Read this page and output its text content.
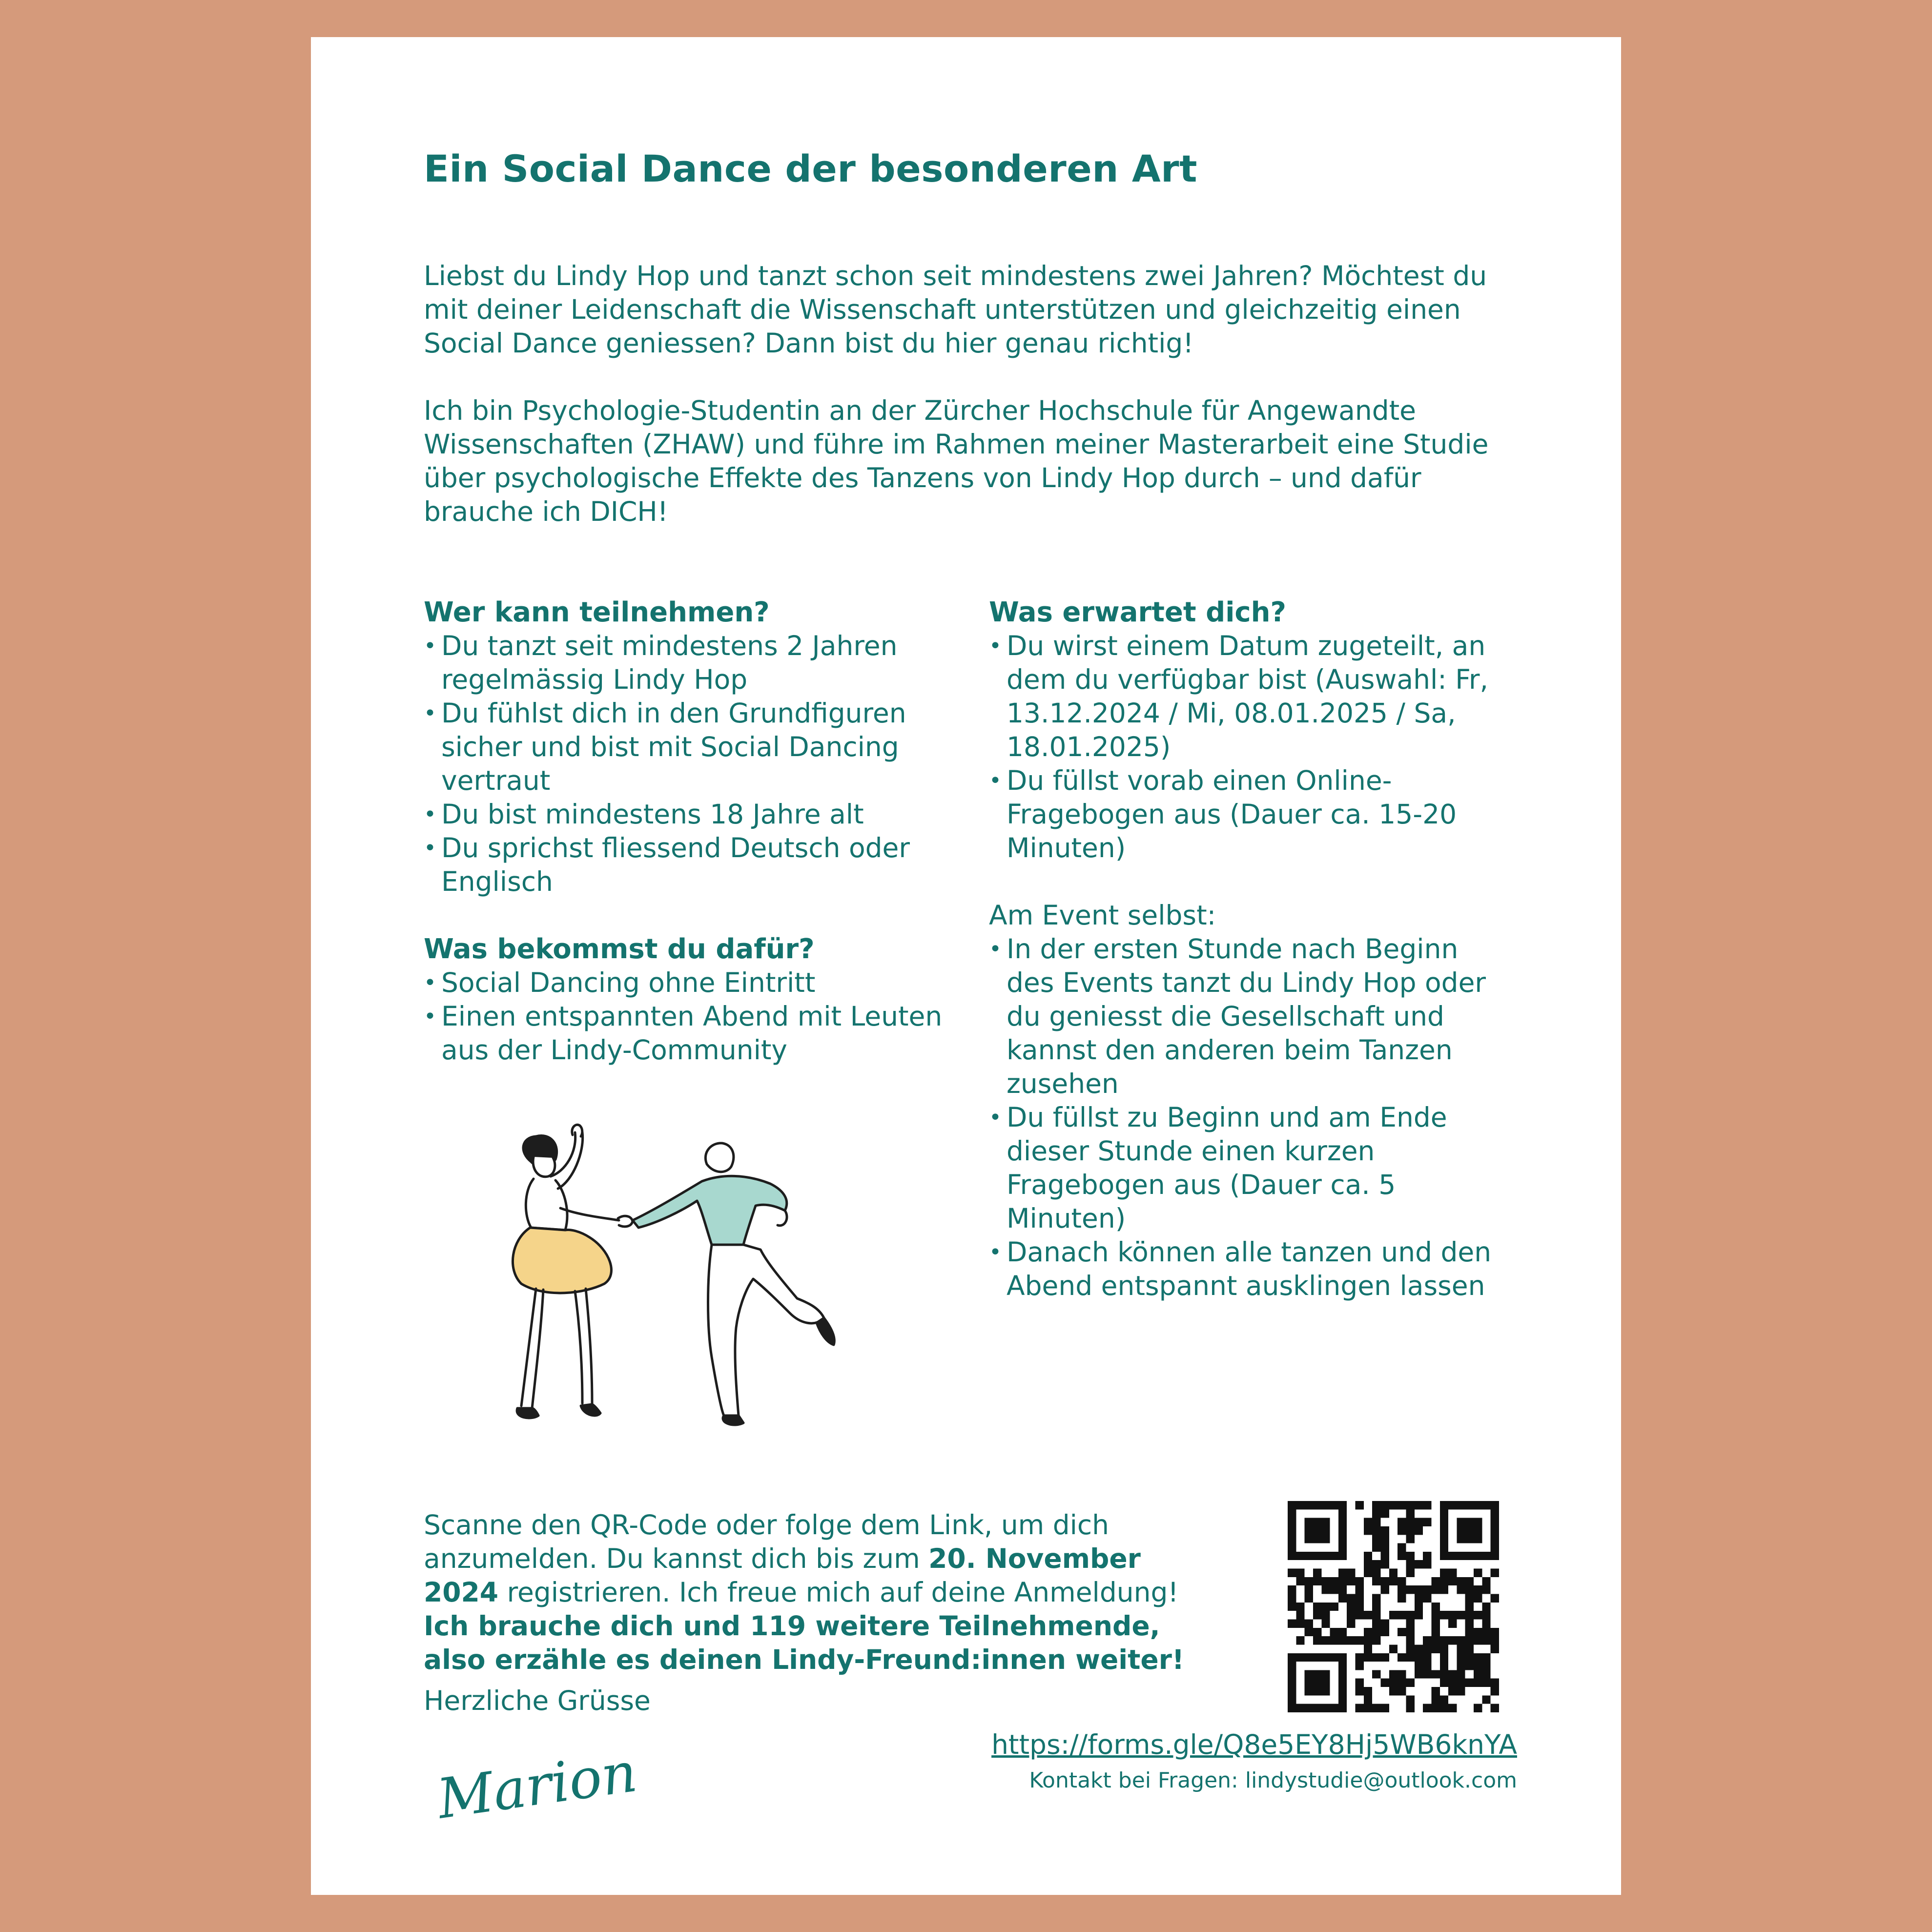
Ein Social Dance der besonderen Art

Liebst du Lindy Hop und tanzt schon seit mindestens zwei Jahren? Möchtest du mit deiner Leidenschaft die Wissenschaft unterstützen und gleichzeitig einen Social Dance geniessen? Dann bist du hier genau richtig!

Ich bin Psychologie-Studentin an der Zürcher Hochschule für Angewandte Wissenschaften (ZHAW) und führe im Rahmen meiner Masterarbeit eine Studie über psychologische Effekte des Tanzens von Lindy Hop durch – und dafür brauche ich DICH!

Wer kann teilnehmen?
• Du tanzt seit mindestens 2 Jahren regelmässig Lindy Hop
• Du fühlst dich in den Grundfiguren sicher und bist mit Social Dancing vertraut
• Du bist mindestens 18 Jahre alt
• Du sprichst fliessend Deutsch oder Englisch
Was bekommst du dafür?
• Social Dancing ohne Eintritt
• Einen entspannten Abend mit Leuten aus der Lindy-Community
Was erwartet dich?
• Du wirst einem Datum zugeteilt, an dem du verfügbar bist (Auswahl: Fr, 13.12.2024 / Mi, 08.01.2025 / Sa, 18.01.2025)
• Du füllst vorab einen Online-Fragebogen aus (Dauer ca. 15-20 Minuten)
Am Event selbst:
• In der ersten Stunde nach Beginn des Events tanzt du Lindy Hop oder du geniesst die Gesellschaft und kannst den anderen beim Tanzen zusehen
• Du füllst zu Beginn und am Ende dieser Stunde einen kurzen Fragebogen aus (Dauer ca. 5 Minuten)
• Danach können alle tanzen und den Abend entspannt ausklingen lassen

Scanne den QR-Code oder folge dem Link, um dich anzumelden. Du kannst dich bis zum 20. November 2024 registrieren. Ich freue mich auf deine Anmeldung!
Ich brauche dich und 119 weitere Teilnehmende, also erzähle es deinen Lindy-Freund:innen weiter!

Herzliche Grüsse

Marion	https://forms.gle/Q8e5EY8Hj5WB6knYA

Kontakt bei Fragen: lindystudie@outlook.com
